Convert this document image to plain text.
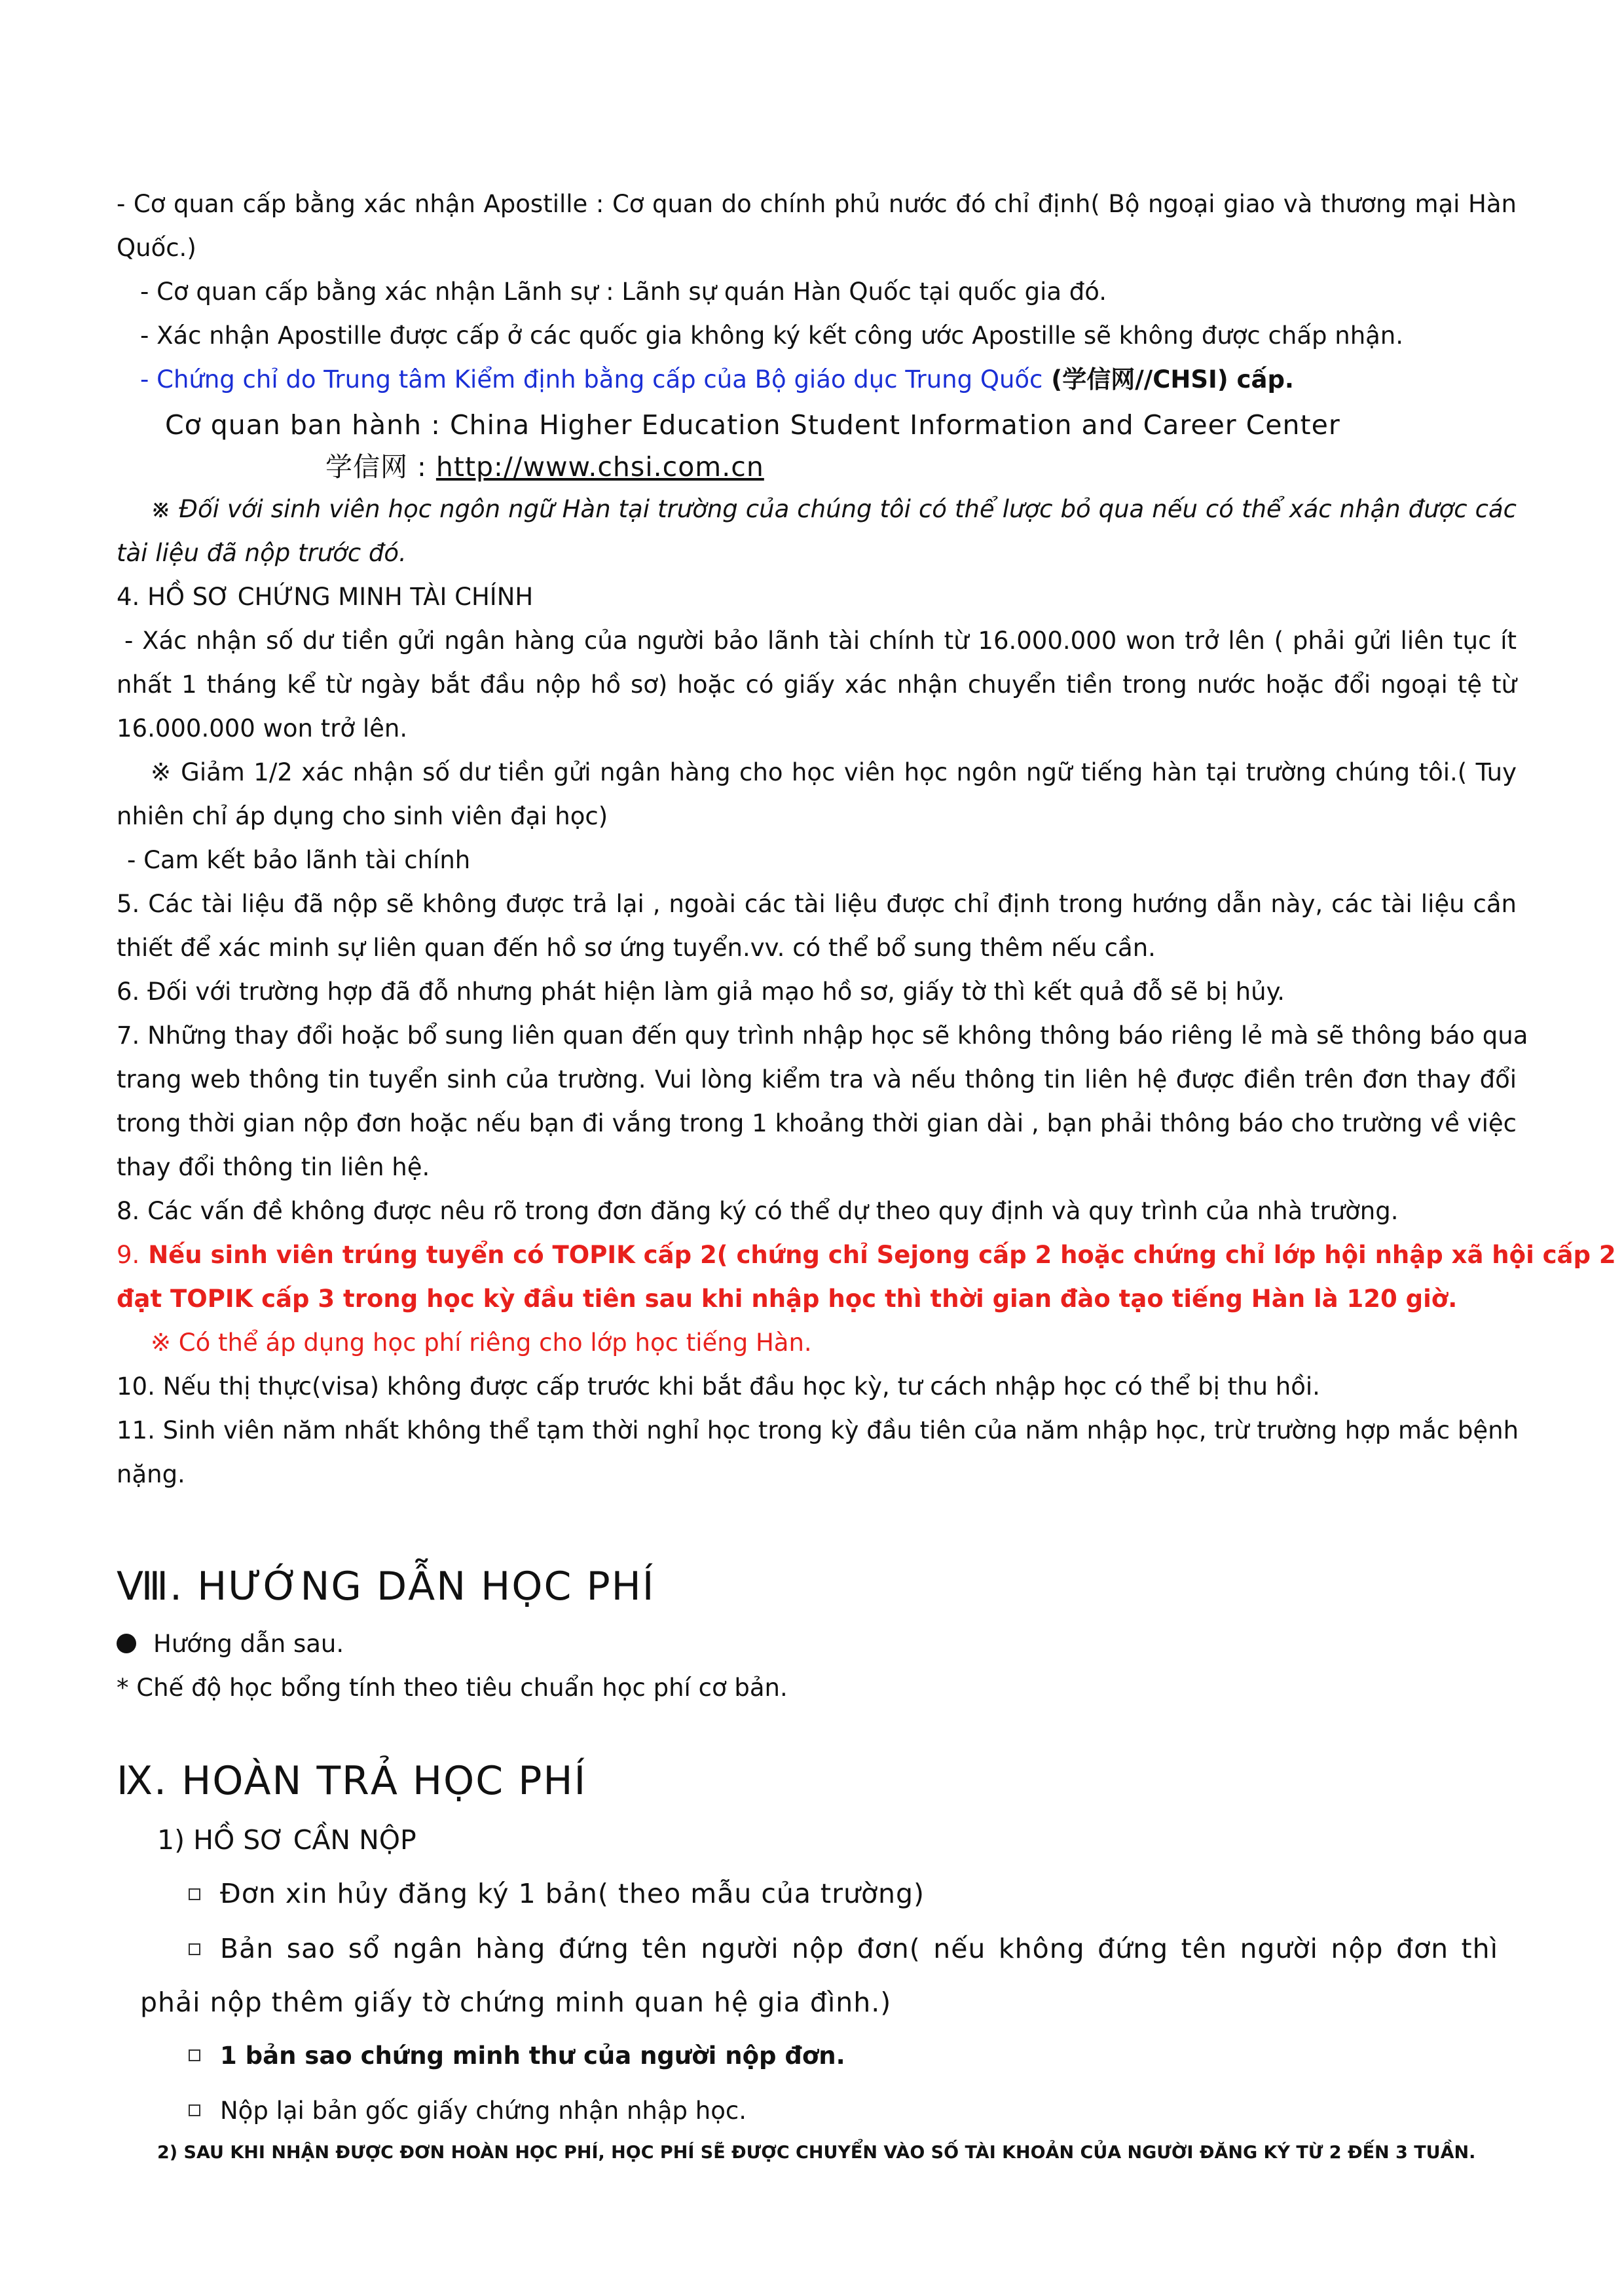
- Cơ quan cấp bằng xác nhận Apostille : Cơ quan do chính phủ nước đó chỉ định( Bộ ngoại giao và thương mại Hàn
Quốc.)
- Cơ quan cấp bằng xác nhận Lãnh sự : Lãnh sự quán Hàn Quốc tại quốc gia đó.
- Xác nhận Apostille được cấp ở các quốc gia không ký kết công ước Apostille sẽ không được chấp nhận.
- Chứng chỉ do Trung tâm Kiểm định bằng cấp của Bộ giáo dục Trung Quốc (学信网//CHSI) cấp.
Cơ quan ban hành : China Higher Education Student Information and Career Center
学信网 : http://www.chsi.com.cn
※ Đối với sinh viên học ngôn ngữ Hàn tại trường của chúng tôi có thể lược bỏ qua nếu có thể xác nhận được các
tài liệu đã nộp trước đó.
4. HỒ SƠ CHỨNG MINH TÀI CHÍNH
- Xác nhận số dư tiền gửi ngân hàng của người bảo lãnh tài chính từ 16.000.000 won trở lên ( phải gửi liên tục ít
nhất 1 tháng kể từ ngày bắt đầu nộp hồ sơ) hoặc có giấy xác nhận chuyển tiền trong nước hoặc đổi ngoại tệ từ
16.000.000 won trở lên.
※ Giảm 1/2 xác nhận số dư tiền gửi ngân hàng cho học viên học ngôn ngữ tiếng hàn tại trường chúng tôi.( Tuy
nhiên chỉ áp dụng cho sinh viên đại học)
- Cam kết bảo lãnh tài chính
5. Các tài liệu đã nộp sẽ không được trả lại , ngoài các tài liệu được chỉ định trong hướng dẫn này, các tài liệu cần
thiết để xác minh sự liên quan đến hồ sơ ứng tuyển.vv. có thể bổ sung thêm nếu cần.
6. Đối với trường hợp đã đỗ nhưng phát hiện làm giả mạo hồ sơ, giấy tờ thì kết quả đỗ sẽ bị hủy.
7. Những thay đổi hoặc bổ sung liên quan đến quy trình nhập học sẽ không thông báo riêng lẻ mà sẽ thông báo qua
trang web thông tin tuyển sinh của trường. Vui lòng kiểm tra và nếu thông tin liên hệ được điền trên đơn thay đổi
trong thời gian nộp đơn hoặc nếu bạn đi vắng trong 1 khoảng thời gian dài , bạn phải thông báo cho trường về việc
thay đổi thông tin liên hệ.
8. Các vấn đề không được nêu rõ trong đơn đăng ký có thể dự theo quy định và quy trình của nhà trường.
9. Nếu sinh viên trúng tuyển có TOPIK cấp 2( chứng chỉ Sejong cấp 2 hoặc chứng chỉ lớp hội nhập xã hội cấp 2
đạt TOPIK cấp 3 trong học kỳ đầu tiên sau khi nhập học thì thời gian đào tạo tiếng Hàn là 120 giờ.
※ Có thể áp dụng học phí riêng cho lớp học tiếng Hàn.
10. Nếu thị thực(visa) không được cấp trước khi bắt đầu học kỳ, tư cách nhập học có thể bị thu hồi.
11. Sinh viên năm nhất không thể tạm thời nghỉ học trong kỳ đầu tiên của năm nhập học, trừ trường hợp mắc bệnh
nặng.
Ⅷ. HƯỚNG DẪN HỌC PHÍ
Hướng dẫn sau.
* Chế độ học bổng tính theo tiêu chuẩn học phí cơ bản.
Ⅸ. HOÀN TRẢ HỌC PHÍ
1) HỒ SƠ CẦN NỘP
Đơn xin hủy đăng ký 1 bản( theo mẫu của trường)
Bản sao sổ ngân hàng đứng tên người nộp đơn( nếu không đứng tên người nộp đơn thì
phải nộp thêm giấy tờ chứng minh quan hệ gia đình.)
1 bản sao chứng minh thư của người nộp đơn.
Nộp lại bản gốc giấy chứng nhận nhập học.
2) SAU KHI NHẬN ĐƯỢC ĐƠN HOÀN HỌC PHÍ, HỌC PHÍ SẼ ĐƯỢC CHUYỂN VÀO SỐ TÀI KHOẢN CỦA NGƯỜI ĐĂNG KÝ TỪ 2 ĐẾN 3 TUẦN.
